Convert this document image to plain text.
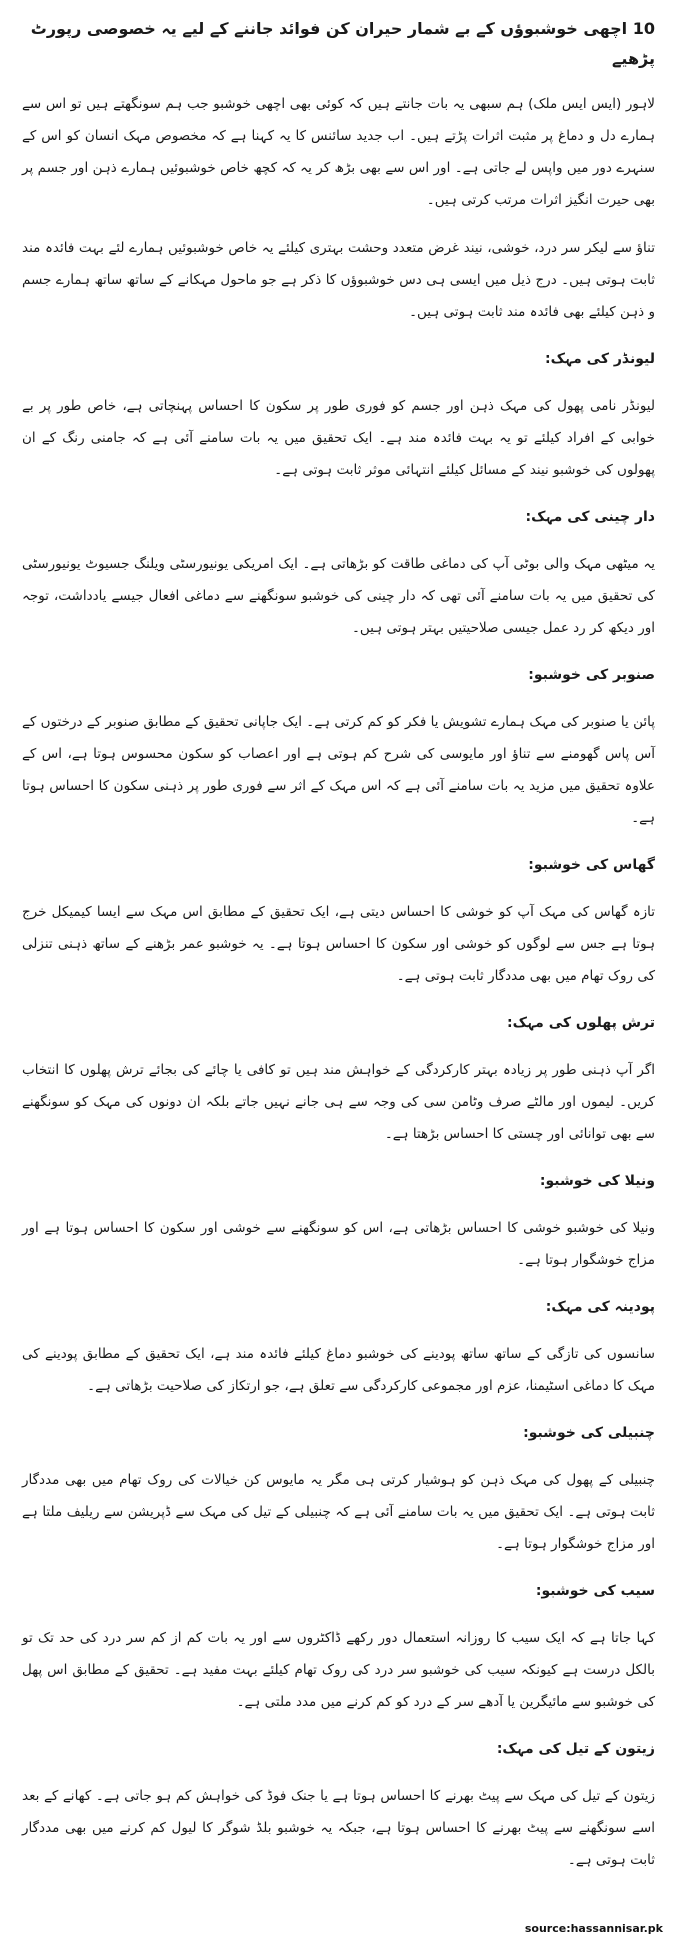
10 اچھی خوشبوؤں کے بے شمار حیران کن فوائد جاننے کے لیے یہ خصوصی رپورٹ پڑھیے
لاہور (ایس ایس ملک) ہم سبھی یہ بات جانتے ہیں کہ کوئی بھی اچھی خوشبو جب ہم سونگھتے ہیں تو اس سے ہمارے دل و دماغ پر مثبت اثرات پڑتے ہیں۔ اب جدید سائنس کا یہ کہنا ہے کہ مخصوص مہک انسان کو اس کے سنہرے دور میں واپس لے جاتی ہے۔ اور اس سے بھی بڑھ کر یہ کہ کچھ خاص خوشبوئیں ہمارے ذہن اور جسم پر بھی حیرت انگیز اثرات مرتب کرتی ہیں۔
تناؤ سے لیکر سر درد، خوشی، نیند غرض متعدد وحشت بہتری کیلئے یہ خاص خوشبوئیں ہمارے لئے بہت فائدہ مند ثابت ہوتی ہیں۔ درج ذیل میں ایسی ہی دس خوشبوؤں کا ذکر ہے جو ماحول مہکانے کے ساتھ ساتھ ہمارے جسم و ذہن کیلئے بھی فائدہ مند ثابت ہوتی ہیں۔
لیونڈر کی مہک:
لیونڈر نامی پھول کی مہک ذہن اور جسم کو فوری طور پر سکون کا احساس پہنچاتی ہے، خاص طور پر بے خوابی کے افراد کیلئے تو یہ بہت فائدہ مند ہے۔ ایک تحقیق میں یہ بات سامنے آئی ہے کہ جامنی رنگ کے ان پھولوں کی خوشبو نیند کے مسائل کیلئے انتہائی موثر ثابت ہوتی ہے۔
دار چینی کی مہک:
یہ میٹھی مہک والی بوٹی آپ کی دماغی طاقت کو بڑھاتی ہے۔ ایک امریکی یونیورسٹی ویلنگ جسیوٹ یونیورسٹی کی تحقیق میں یہ بات سامنے آئی تھی کہ دار چینی کی خوشبو سونگھنے سے دماغی افعال جیسے یادداشت، توجہ اور دیکھ کر رد عمل جیسی صلاحیتیں بہتر ہوتی ہیں۔
صنوبر کی خوشبو:
پائن یا صنوبر کی مہک ہمارے تشویش یا فکر کو کم کرتی ہے۔ ایک جاپانی تحقیق کے مطابق صنوبر کے درختوں کے آس پاس گھومنے سے تناؤ اور مایوسی کی شرح کم ہوتی ہے اور اعصاب کو سکون محسوس ہوتا ہے، اس کے علاوہ تحقیق میں مزید یہ بات سامنے آئی ہے کہ اس مہک کے اثر سے فوری طور پر ذہنی سکون کا احساس ہوتا ہے۔
گھاس کی خوشبو:
تازہ گھاس کی مہک آپ کو خوشی کا احساس دیتی ہے، ایک تحقیق کے مطابق اس مہک سے ایسا کیمیکل خرج ہوتا ہے جس سے لوگوں کو خوشی اور سکون کا احساس ہوتا ہے۔ یہ خوشبو عمر بڑھنے کے ساتھ ذہنی تنزلی کی روک تھام میں بھی مددگار ثابت ہوتی ہے۔
ترش پھلوں کی مہک:
اگر آپ ذہنی طور پر زیادہ بہتر کارکردگی کے خواہش مند ہیں تو کافی یا چائے کی بجائے ترش پھلوں کا انتخاب کریں۔ لیموں اور مالٹے صرف وٹامن سی کی وجہ سے ہی جانے نہیں جاتے بلکہ ان دونوں کی مہک کو سونگھنے سے بھی توانائی اور چستی کا احساس بڑھتا ہے۔
ونیلا کی خوشبو:
ونیلا کی خوشبو خوشی کا احساس بڑھاتی ہے، اس کو سونگھنے سے خوشی اور سکون کا احساس ہوتا ہے اور مزاج خوشگوار ہوتا ہے۔
پودینہ کی مہک:
سانسوں کی تازگی کے ساتھ ساتھ پودینے کی خوشبو دماغ کیلئے فائدہ مند ہے، ایک تحقیق کے مطابق پودینے کی مہک کا دماغی اسٹیمنا، عزم اور مجموعی کارکردگی سے تعلق ہے، جو ارتکاز کی صلاحیت بڑھاتی ہے۔
چنبیلی کی خوشبو:
چنبیلی کے پھول کی مہک ذہن کو ہوشیار کرتی ہی مگر یہ مایوس کن خیالات کی روک تھام میں بھی مددگار ثابت ہوتی ہے۔ ایک تحقیق میں یہ بات سامنے آئی ہے کہ چنبیلی کے تیل کی مہک سے ڈپریشن سے ریلیف ملتا ہے اور مزاج خوشگوار ہوتا ہے۔
سیب کی خوشبو:
کہا جاتا ہے کہ ایک سیب کا روزانہ استعمال دور رکھے ڈاکٹروں سے اور یہ بات کم از کم سر درد کی حد تک تو بالکل درست ہے کیونکہ سیب کی خوشبو سر درد کی روک تھام کیلئے بہت مفید ہے۔ تحقیق کے مطابق اس پھل کی خوشبو سے مائیگرین یا آدھے سر کے درد کو کم کرنے میں مدد ملتی ہے۔
زیتون کے تیل کی مہک:
زیتون کے تیل کی مہک سے پیٹ بھرنے کا احساس ہوتا ہے یا جنک فوڈ کی خواہش کم ہو جاتی ہے۔ کھانے کے بعد اسے سونگھنے سے پیٹ بھرنے کا احساس ہوتا ہے، جبکہ یہ خوشبو بلڈ شوگر کا لیول کم کرنے میں بھی مددگار ثابت ہوتی ہے۔
source:hassannisar.pk
